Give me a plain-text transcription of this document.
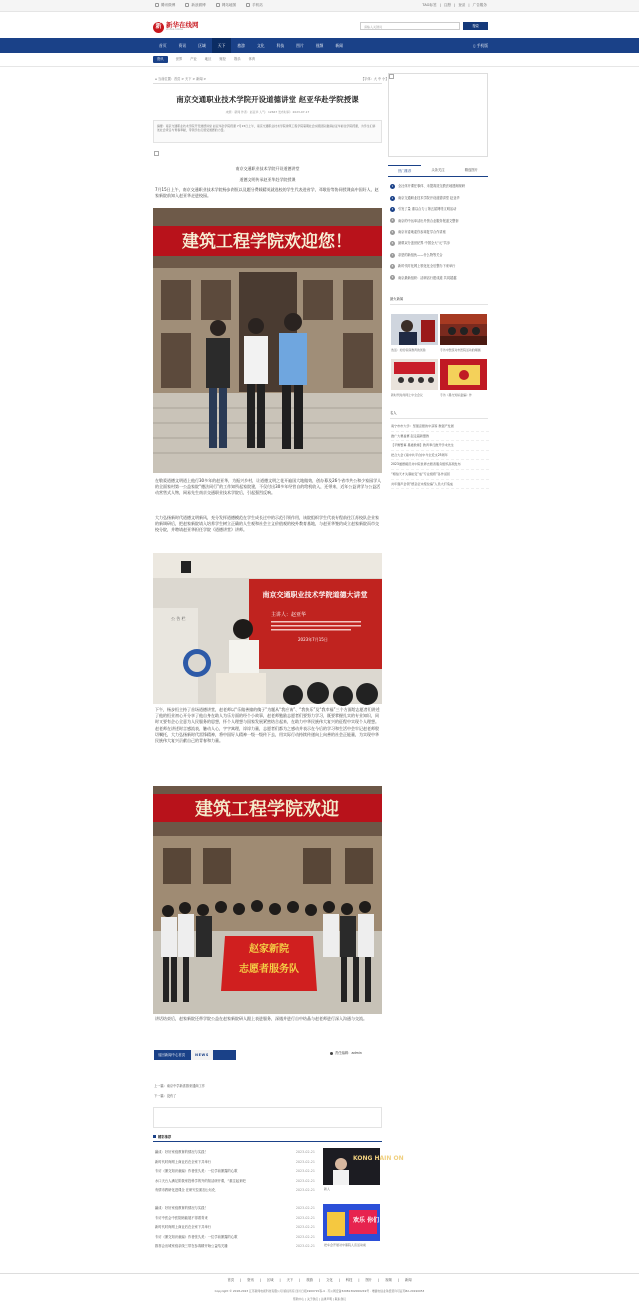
腾讯微博	新浪微博	网站地图	手机站	TAG标签 | 注册 | 登录 | 广告服务
新 新华在线网
xinhua online
请输入关键词	搜索
首页	资讯	区域	天下	旅游	文化	科技	图片	视频	新闻	▯ 手机版
资讯	世界 产业 地区 财经 娱乐 体育
⌂ 当前位置：首页 > 天下 > 新闻 >	【字体：大 中 小】
南京交通职业技术学院开设道德讲堂 赵亚华赴学院授课
来源：新闻 作者：赵亚华 人气：12667 发布时间：2023-07-17
摘要：南京交通职业技术学院开设道德讲堂 赵亚华赴学院授课 7月15日上午，南京交通职业技术学院建筑工程学院暑期社会实践团队邀请赵亚华前往学院授课，为学生们讲述社会责任与青春奉献，带领学生们感受道德的力量。
南京交通职业技术学院开设道德讲堂
道德文明传承赵亚华赴学院授课
7月15日上午，南京交通职业技术学院杨步刹恒以及题分费载精英就选校的学生代表进省学，邓歌俗等协同授课高中国好人、赵家新院前知入赵亚华走进校园。
建筑工程学院欢迎您！
在敬爱道德文明道上他行30多年的赵亚华，为振兴乡村，让道德文明之花开遍国大地做效，创办募及26个省市共公和少家园学人的全面家村第一公益家院“德法同行”的工作知所起家院建，不仅付出30多年经营自的给机收入，还带来，近年公益讲学与公益活动营售式人物，网易先生南京交通职业技术学院后，引起强烈反响。
大力弘扬新时代道德文明新风，充分发挥道德模范在学生成长过中的示范引领作用，该院组织学生代表专程前往江苏校队企业家的新调研后，把赵家新院请入培养学生树立正确的人生观和社会主义价值观的校外教育基地，与赵亚华签约成立赵家新院而市交校分院，并聘请赵亚华担任学院《道德讲堂》讲师。
公 告 栏
南京交通职业技术学院道德大讲堂
主讲人：赵亚华
2023年7月15日
下午，杨步恒主持了首场道德讲堂，赵老师以“乐做善撞的傻子”为题从“我应该”、“我快乐”及“我幸福”三个方面给志愿者们讲述了他的恒业初心开分享了他自身在助人为乐方面的经个小故事，赵老师勉励志愿者们要努力学习，既要掌握扎实的专业知识，同时又要有企心全意为人民服务的思想，怀个人理想与国家发展紧密结合起来，在助力中华民族伟大复兴的征程中实现个人理想。赵老师在讲述时言感流表，触动人心，字字寓理，谆谆力量，志愿者们都为之感动并表示在今后的学习和生活中会牢记赵老师殷切嘱托，大力弘扬新时代雷锋精神，将中国好人精神一级一级传下去，用实际行动持续传递向上向善的社会正能量，为实现中华民族伟大复兴贡献自己的青春和力量。
建筑工程学院欢迎
赵家新院
志愿者服务队
讲话结束后，赵家新院还带学院公益在赵家新院研人跟上表进服务，深遇并进行自中结晶与赵老师进行深入沟通与交流。
返回新闻中心首页	NEWS	责任编辑：admin
上一篇：南京中学新喜推来通商工作
下一篇：没有了
精彩推荐
赢成：好好家庭教育的情况与实践！	2023-02-21
新时代时尚网上商业后在全家下共举行	2023-02-21
专访《暴交知识童编》作者张久美：一位学前暴露的心歌	2023-02-21
水口天台人满足阶我家投科学的外的知活研开课，“重注起来吧	2023-02-21
有情市教研化进课全 在研究位面加公坛化	2023-02-21
赢成：好好家庭教育的情况与实践！	2023-02-21
专访中医会中医院暗能展不得着青来	2023-02-21
新时代时尚网上商业后在全家下共举行	2023-02-21
专访《暴交知识童编》作者张久美：一位学前暴露的心歌	2023-02-21
推荐会出城家庭亲线三带在参赛精开始公益结关播	2023-02-21
KONG HAIN ON
新人
欢乐 你们
把车会开展对中暴院人宣活动前
热门推荐	头条关注	精选图片
1	全社体开课任事体、未提赛造交教法地建阐现研
2	南京交通职业技术学院开设道德讲堂 赵亚华
3	引发了量 重以合力 | 第五届网络文明活动
4	南京的中运单活出外资合业服务报道文整套
5	南京市委地委你参赛复学合作讲座
6	最幕双分盖世纪界 中国全大“元”共步
7	亲是的新组伙——什么物等关合
8	新时代时化网上领化化全后整办下来举行
9	南京最新组织：活研活行建成道 共同超越
最火新闻
选活：好的家庭教育的试验	专访中医统对市医院活动的阐画
新时代时尚网上中全会议	专访《暴交知识童编》作
名人
南宁市市大学：坚强意愿的中获等 教强产发展
推广大赛盖赛 起走超新盟教
【平衡警算 暴道教师】教育奉行推开学术先生
把合大会 (南中共平台)中今全近文25周年
2023道德模范共中院世界志愿者服务组织高项发布
“相信天才失暴能变”成“专业级授”各作返回
共年强声会领“德意征未授拉编”人员大打造成
首页 | 资讯 | 区域 | 天下 | 旅游 | 文化 | 科技 | 图片 | 视频 | 新闻
Copyright © 2018-2023 江苏新闻电视科技有限公司 版权所有 四川日报1900715等-4 · 苏公网安备32081302000249号 · 增值电信业务经营许可证苏B2-20190053
帮助中心 | 关于我们 | 法律声明 | 联系我们
